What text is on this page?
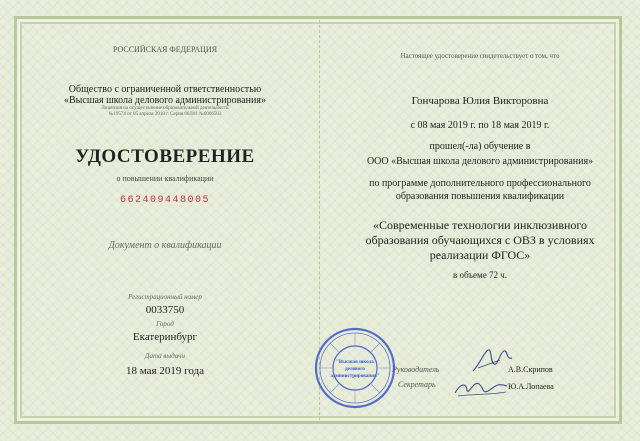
РОССИЙСКАЯ ФЕДЕРАЦИЯ
Общество с ограниченной ответственностью
«Высшая школа делового администрирования»
Лицензия на осуществление образовательной деятельности
№19574 от 05 апреля 2018 г. Серия 66Л01 №0006503
УДОСТОВЕРЕНИЕ
о повышении квалификации
662409448005
Документ о квалификации
Регистрационный номер
0033750
Город
Екатеринбург
Дата выдачи
18 мая 2019 года
Настоящее удостоверение свидетельствует о том, что
Гончарова Юлия Викторовна
с 08 мая 2019 г. по 18 мая 2019 г.
прошел(-ла) обучение в
ООО «Высшая школа делового администрирования»
по программе дополнительного профессионального
образования повышения квалификации
«Современные технологии инклюзивного
образования обучающихся с ОВЗ в условиях
реализации ФГОС»
в объеме 72 ч.
Руководитель	А.В.Скрипов
Секретарь	Ю.А.Лопаева
"Высшая школа
делового
администрирования"
